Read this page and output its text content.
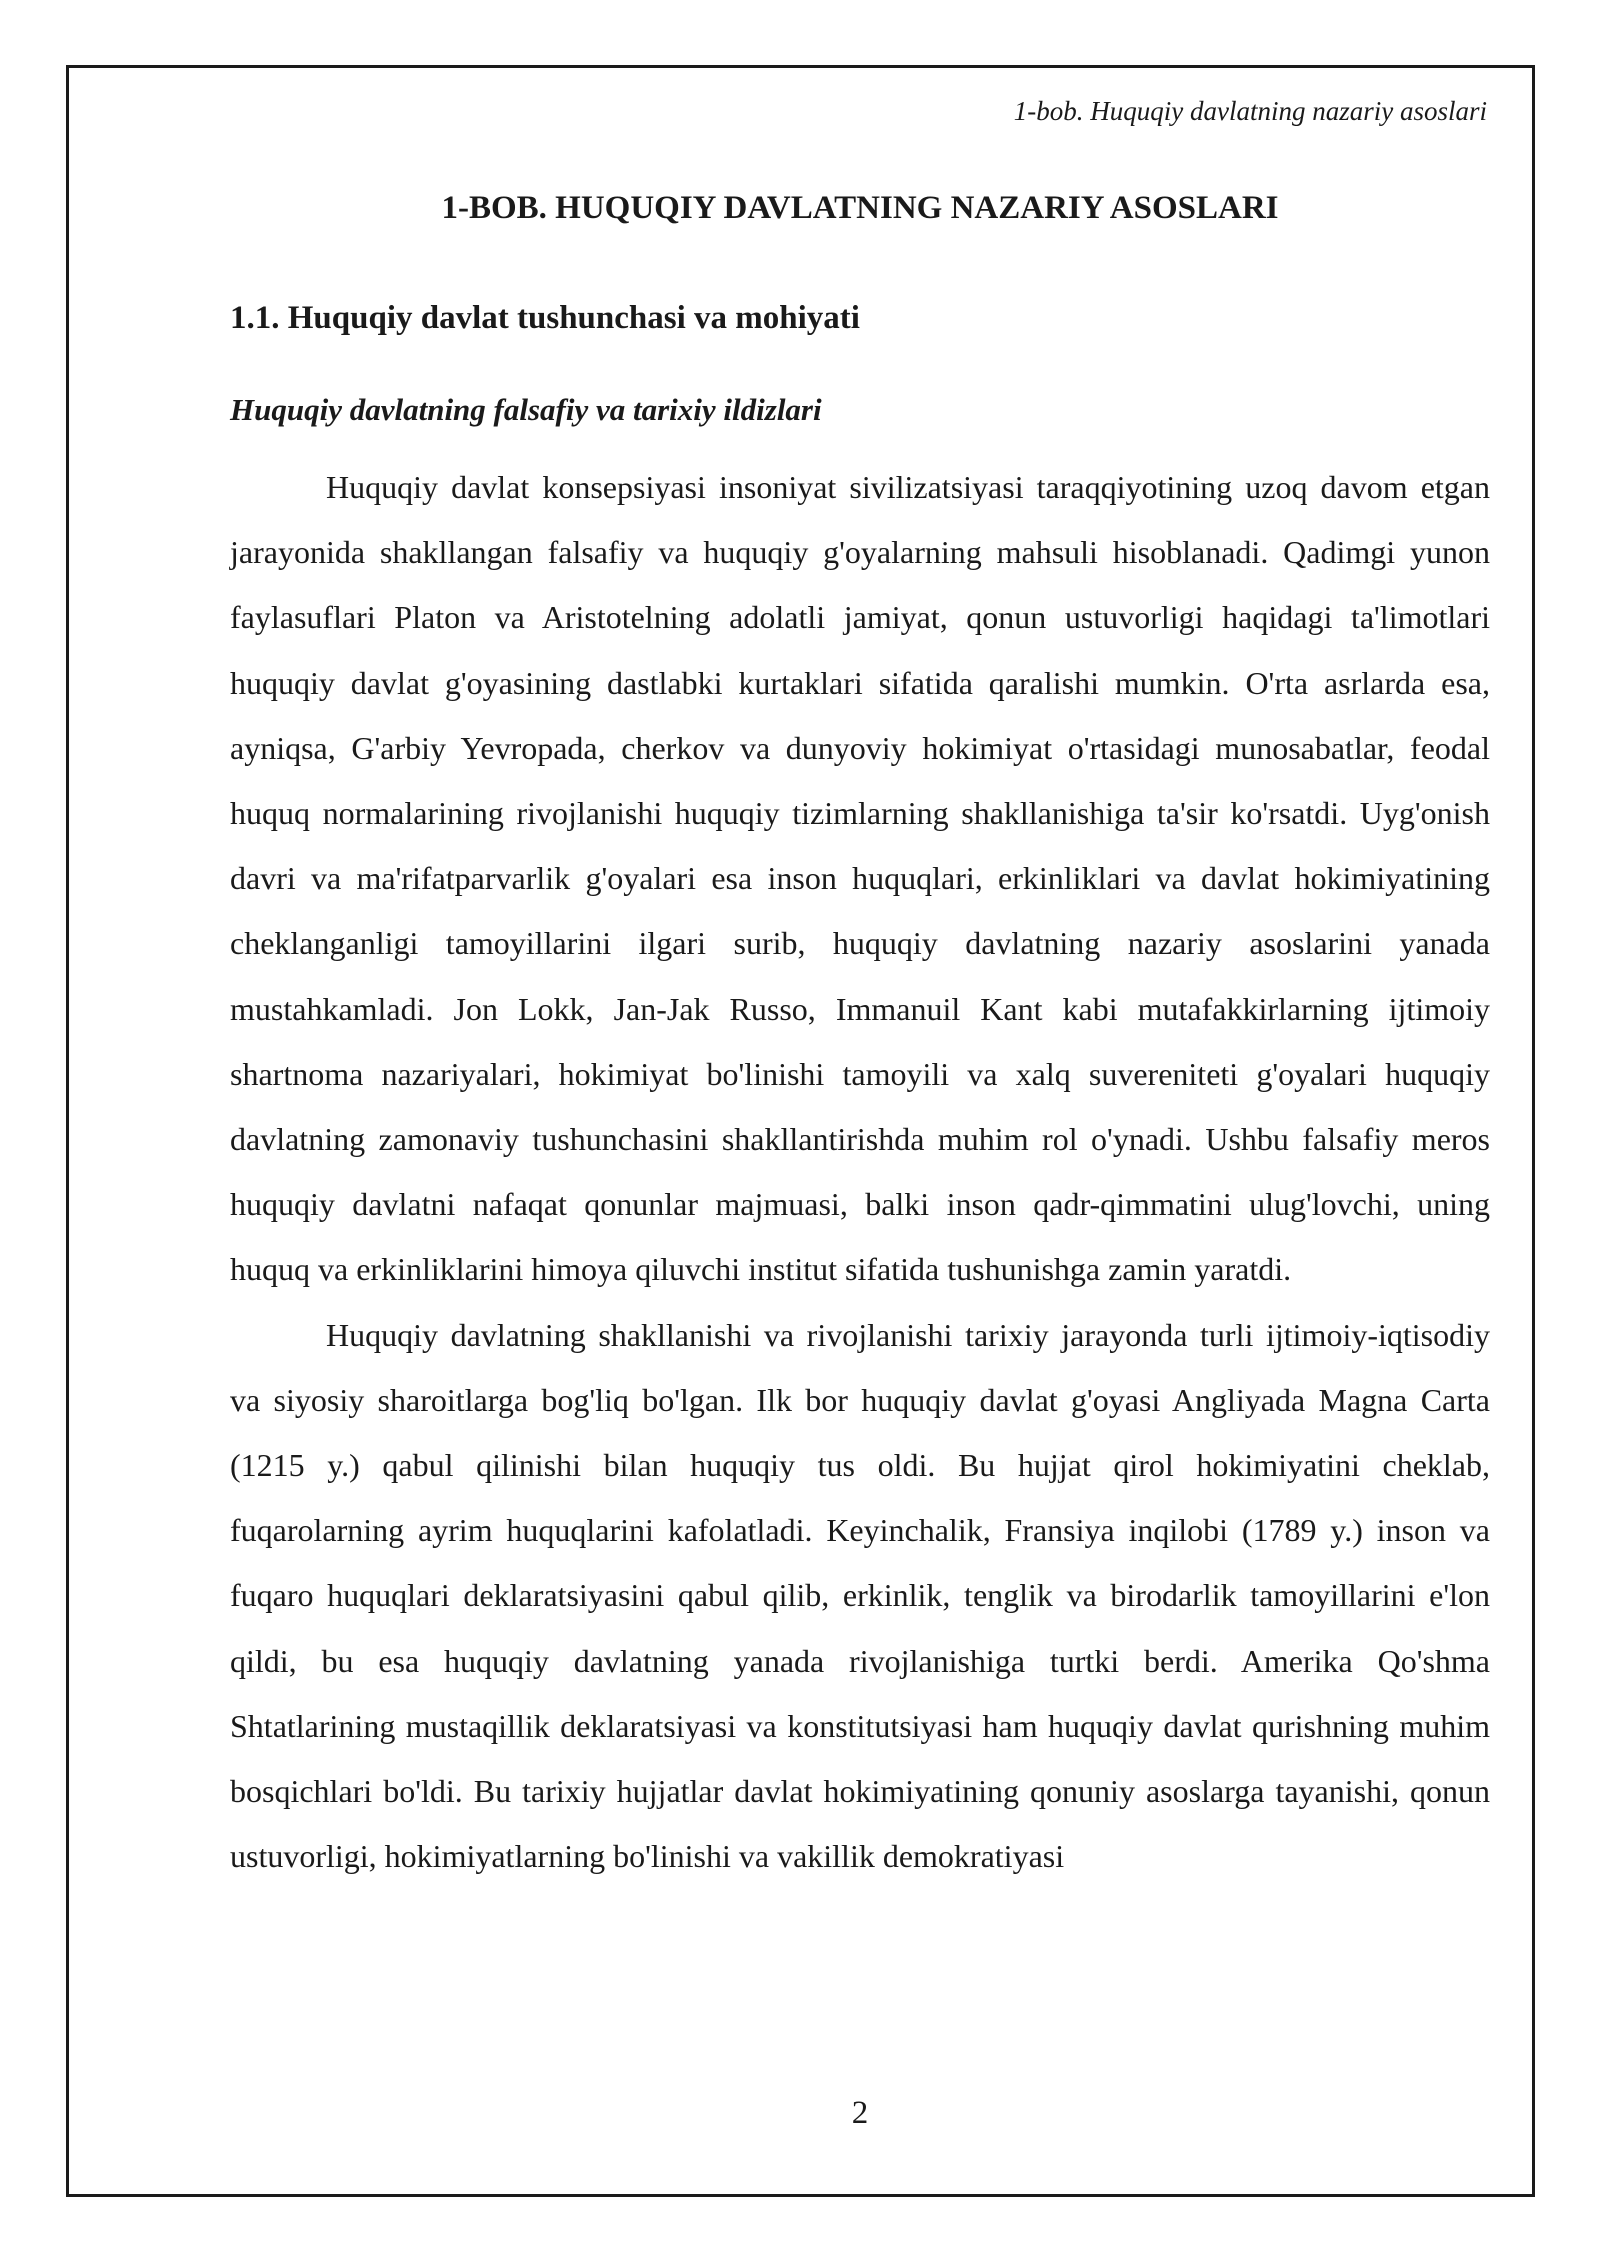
1-bob. Huquqiy davlatning nazariy asoslari
1-BOB. HUQUQIY DAVLATNING NAZARIY ASOSLARI
1.1. Huquqiy davlat tushunchasi va mohiyati
Huquqiy davlatning falsafiy va tarixiy ildizlari

Huquqiy davlat konsepsiyasi insoniyat sivilizatsiyasi taraqqiyotining uzoq davom etgan jarayonida shakllangan falsafiy va huquqiy g'oyalarning mahsuli hisoblanadi. Qadimgi yunon faylasuflari Platon va Aristotelning adolatli jamiyat, qonun ustuvorligi haqidagi ta'limotlari huquqiy davlat g'oyasining dastlabki kurtaklari sifatida qaralishi mumkin. O'rta asrlarda esa, ayniqsa, G'arbiy Yevropada, cherkov va dunyoviy hokimiyat o'rtasidagi munosabatlar, feodal huquq normalarining rivojlanishi huquqiy tizimlarning shakllanishiga ta'sir ko'rsatdi. Uyg'onish davri va ma'rifatparvarlik g'oyalari esa inson huquqlari, erkinliklari va davlat hokimiyatining cheklanganligi tamoyillarini ilgari surib, huquqiy davlatning nazariy asoslarini yanada mustahkamladi. Jon Lokk, Jan-Jak Russo, Immanuil Kant kabi mutafakkirlarning ijtimoiy shartnoma nazariyalari, hokimiyat bo'linishi tamoyili va xalq suvereniteti g'oyalari huquqiy davlatning zamonaviy tushunchasini shakllantirishda muhim rol o'ynadi. Ushbu falsafiy meros huquqiy davlatni nafaqat qonunlar majmuasi, balki inson qadr-qimmatini ulug'lovchi, uning huquq va erkinliklarini himoya qiluvchi institut sifatida tushunishga zamin yaratdi.

Huquqiy davlatning shakllanishi va rivojlanishi tarixiy jarayonda turli ijtimoiy-iqtisodiy va siyosiy sharoitlarga bog'liq bo'lgan. Ilk bor huquqiy davlat g'oyasi Angliyada Magna Carta (1215 y.) qabul qilinishi bilan huquqiy tus oldi. Bu hujjat qirol hokimiyatini cheklab, fuqarolarning ayrim huquqlarini kafolatladi. Keyinchalik, Fransiya inqilobi (1789 y.) inson va fuqaro huquqlari deklaratsiyasini qabul qilib, erkinlik, tenglik va birodarlik tamoyillarini e'lon qildi, bu esa huquqiy davlatning yanada rivojlanishiga turtki berdi. Amerika Qo'shma Shtatlarining mustaqillik deklaratsiyasi va konstitutsiyasi ham huquqiy davlat qurishning muhim bosqichlari bo'ldi. Bu tarixiy hujjatlar davlat hokimiyatining qonuniy asoslarga tayanishi, qonun ustuvorligi, hokimiyatlarning bo'linishi va vakillik demokratiyasi

2
